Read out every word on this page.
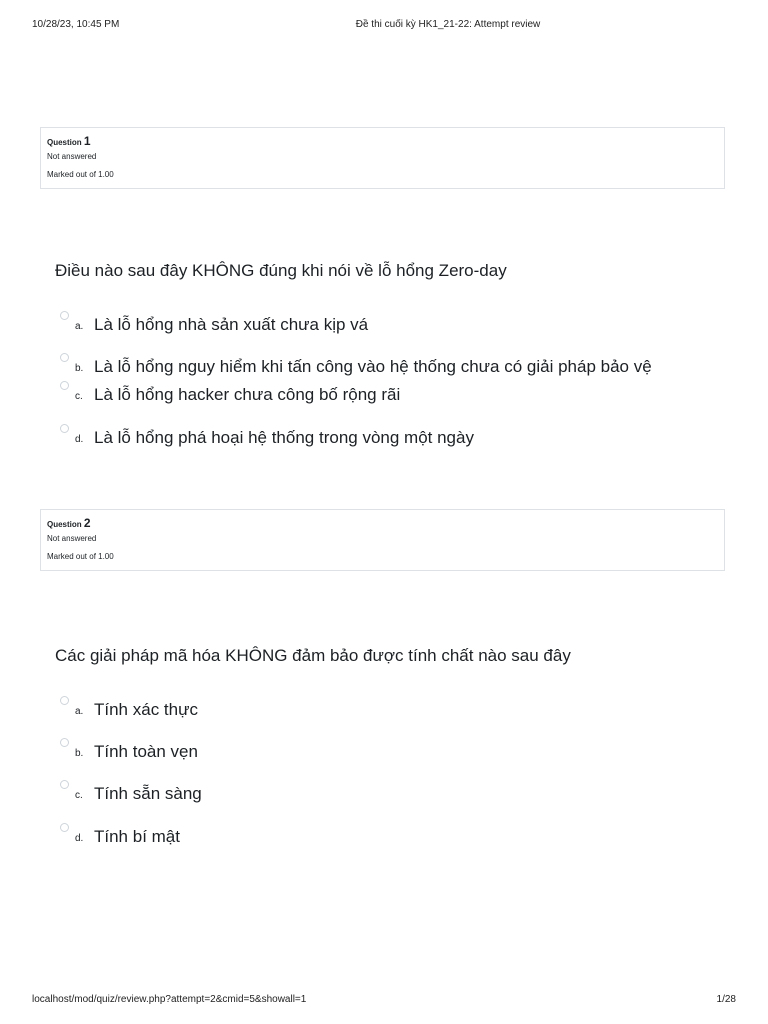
10/28/23, 10:45 PM	Đề thi cuối kỳ HK1_21-22: Attempt review
Question 1
Not answered
Marked out of 1.00
Điều nào sau đây KHÔNG đúng khi nói về lỗ hổng Zero-day
a. Là lỗ hổng nhà sản xuất chưa kịp vá
b. Là lỗ hổng nguy hiểm khi tấn công vào hệ thống chưa có giải pháp bảo vệ
c. Là lỗ hổng hacker chưa công bố rộng rãi
d. Là lỗ hổng phá hoại hệ thống trong vòng một ngày
Question 2
Not answered
Marked out of 1.00
Các giải pháp mã hóa KHÔNG đảm bảo được tính chất nào sau đây
a. Tính xác thực
b. Tính toàn vẹn
c. Tính sẵn sàng
d. Tính bí mật
localhost/mod/quiz/review.php?attempt=2&cmid=5&showall=1	1/28
